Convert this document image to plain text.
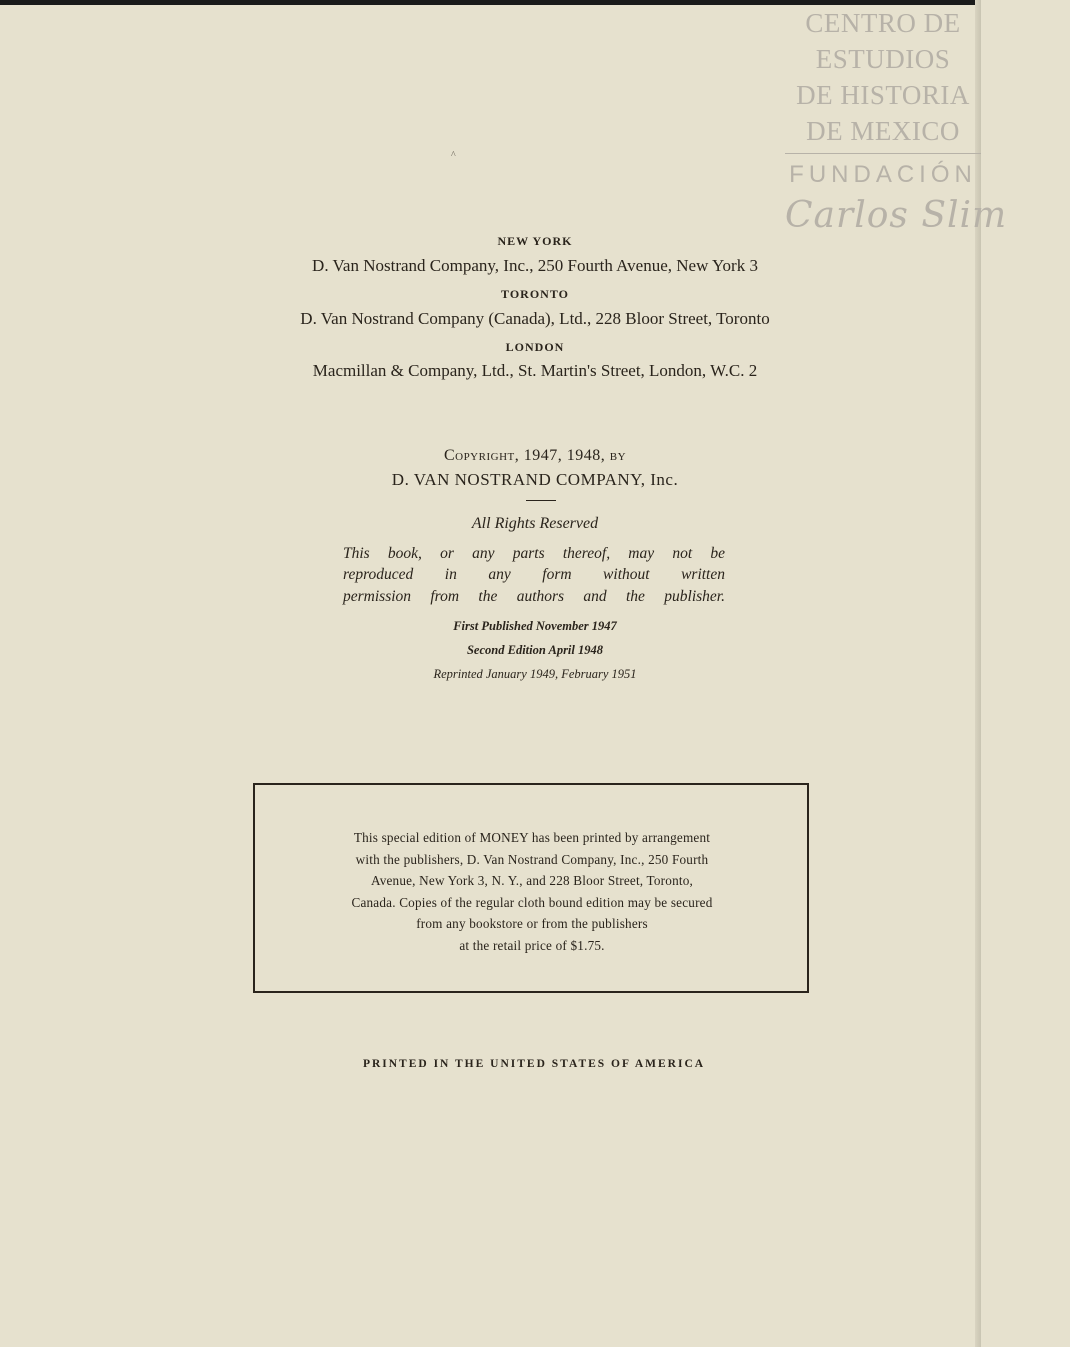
CENTRO DE
ESTUDIOS
DE HISTORIA
DE MEXICO
FUNDACIÓN
Carlos Slim
^
NEW YORK
D. Van Nostrand Company, Inc., 250 Fourth Avenue, New York 3
TORONTO
D. Van Nostrand Company (Canada), Ltd., 228 Bloor Street, Toronto
LONDON
Macmillan & Company, Ltd., St. Martin's Street, London, W.C. 2
Copyright, 1947, 1948, by
D. VAN NOSTRAND COMPANY, Inc.
All Rights Reserved
This book, or any parts thereof, may not be
reproduced in any form without written
permission from the authors and the publisher.
First Published November 1947
Second Edition April 1948
Reprinted January 1949, February 1951
This special edition of MONEY has been printed by arrangement
with the publishers, D. Van Nostrand Company, Inc., 250 Fourth
Avenue, New York 3, N. Y., and 228 Bloor Street, Toronto,
Canada. Copies of the regular cloth bound edition may be secured
from any bookstore or from the publishers
at the retail price of $1.75.
PRINTED IN THE UNITED STATES OF AMERICA
